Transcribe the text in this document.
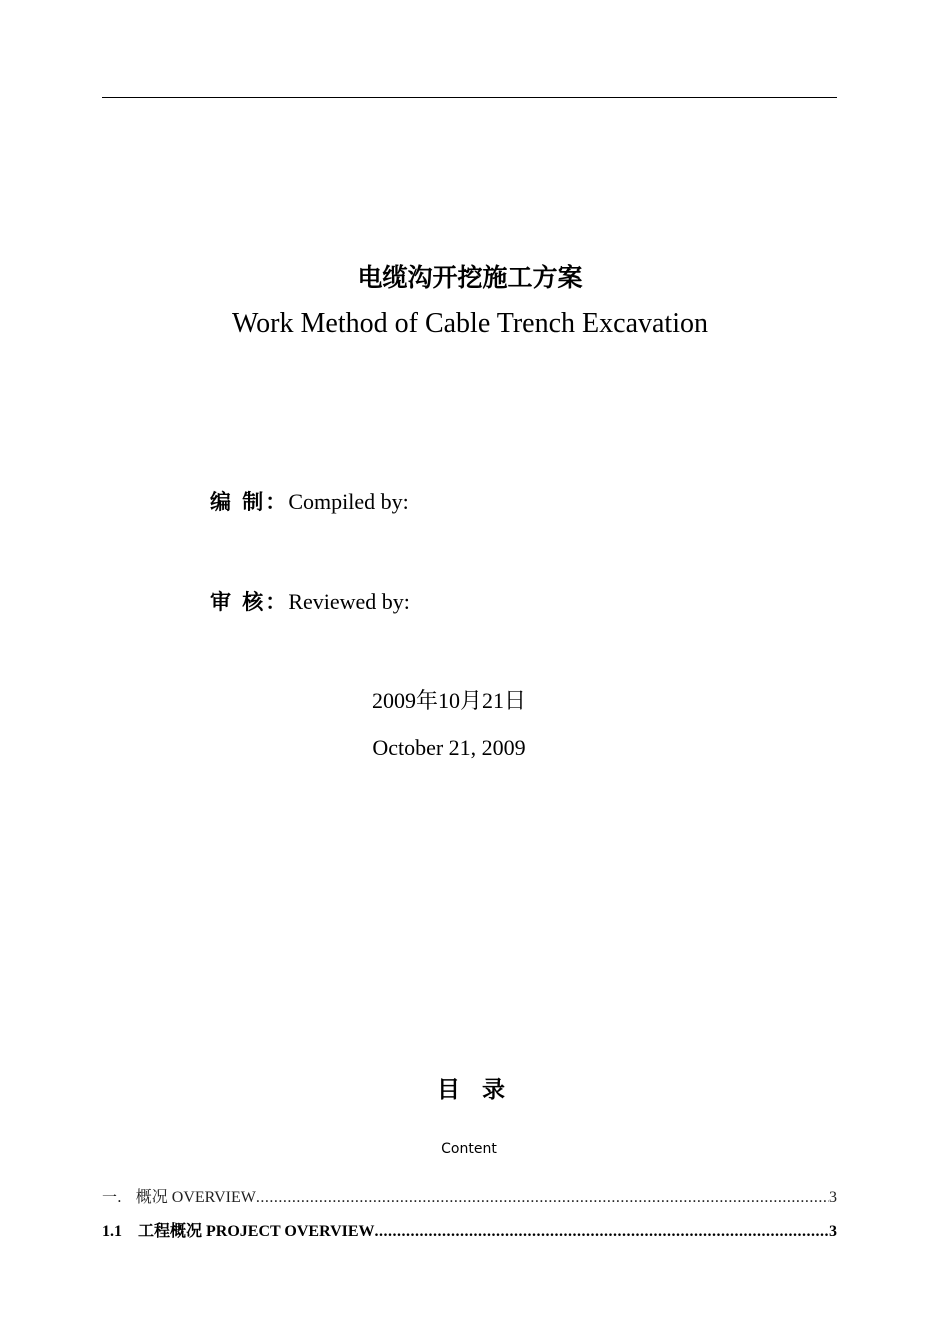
电缆沟开挖施工方案
Work Method of Cable Trench Excavation
编 制：Compiled by:
审 核：Reviewed by:
2009年10月21日
October 21, 2009
目录
Content
一. 概况
OVERVIEW .....	3
1.1 工程概况
PROJECT OVERVIEW .....	3
